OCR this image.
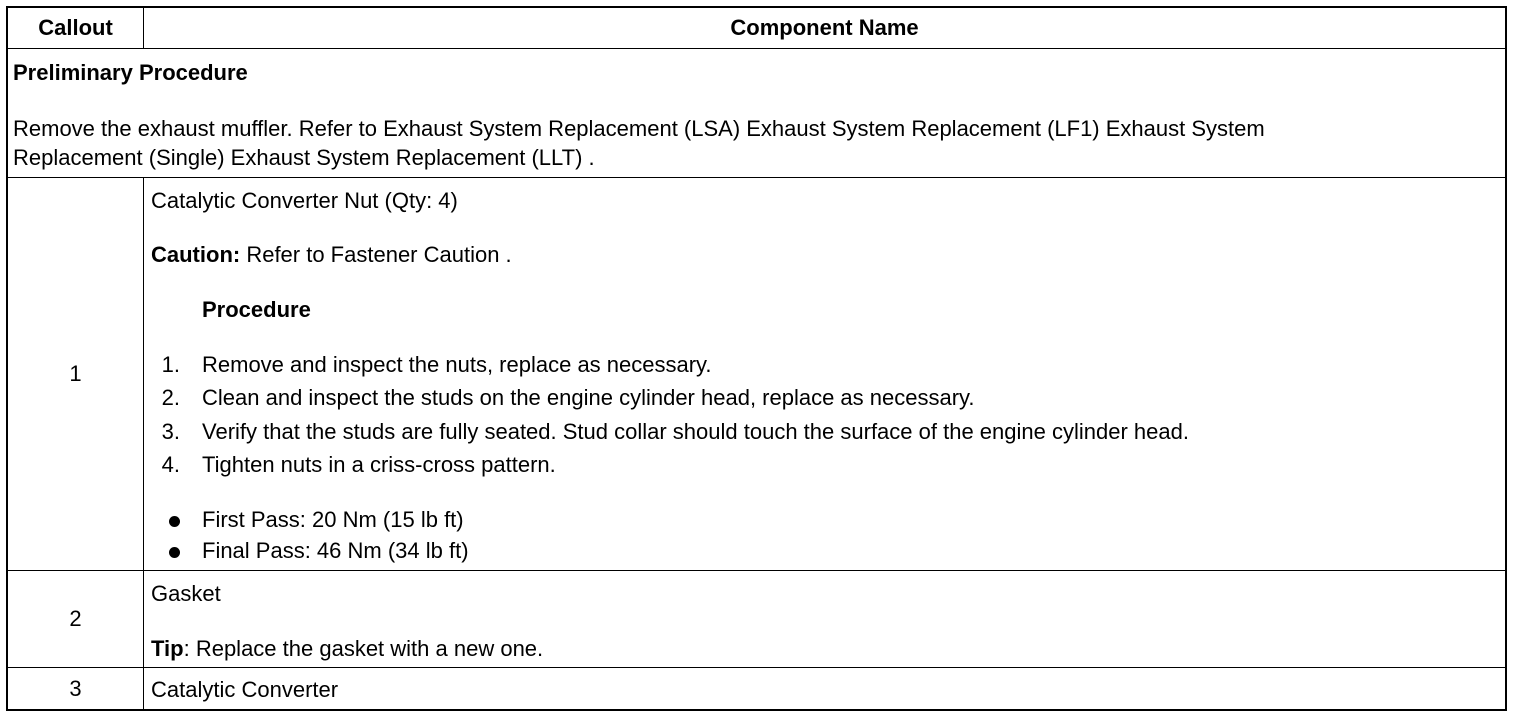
Callout	Component Name
Preliminary Procedure
Remove the exhaust muffler. Refer to Exhaust System Replacement (LSA) Exhaust System Replacement (LF1) Exhaust System
Replacement (Single) Exhaust System Replacement (LLT) .
1
Catalytic Converter Nut (Qty: 4)
Caution: Refer to Fastener Caution .
Procedure
1. Remove and inspect the nuts, replace as necessary.
2. Clean and inspect the studs on the engine cylinder head, replace as necessary.
3. Verify that the studs are fully seated. Stud collar should touch the surface of the engine cylinder head.
4. Tighten nuts in a criss-cross pattern.
First Pass: 20 Nm (15 lb ft)
Final Pass: 46 Nm (34 lb ft)
2
Gasket
Tip: Replace the gasket with a new one.
3	Catalytic Converter
